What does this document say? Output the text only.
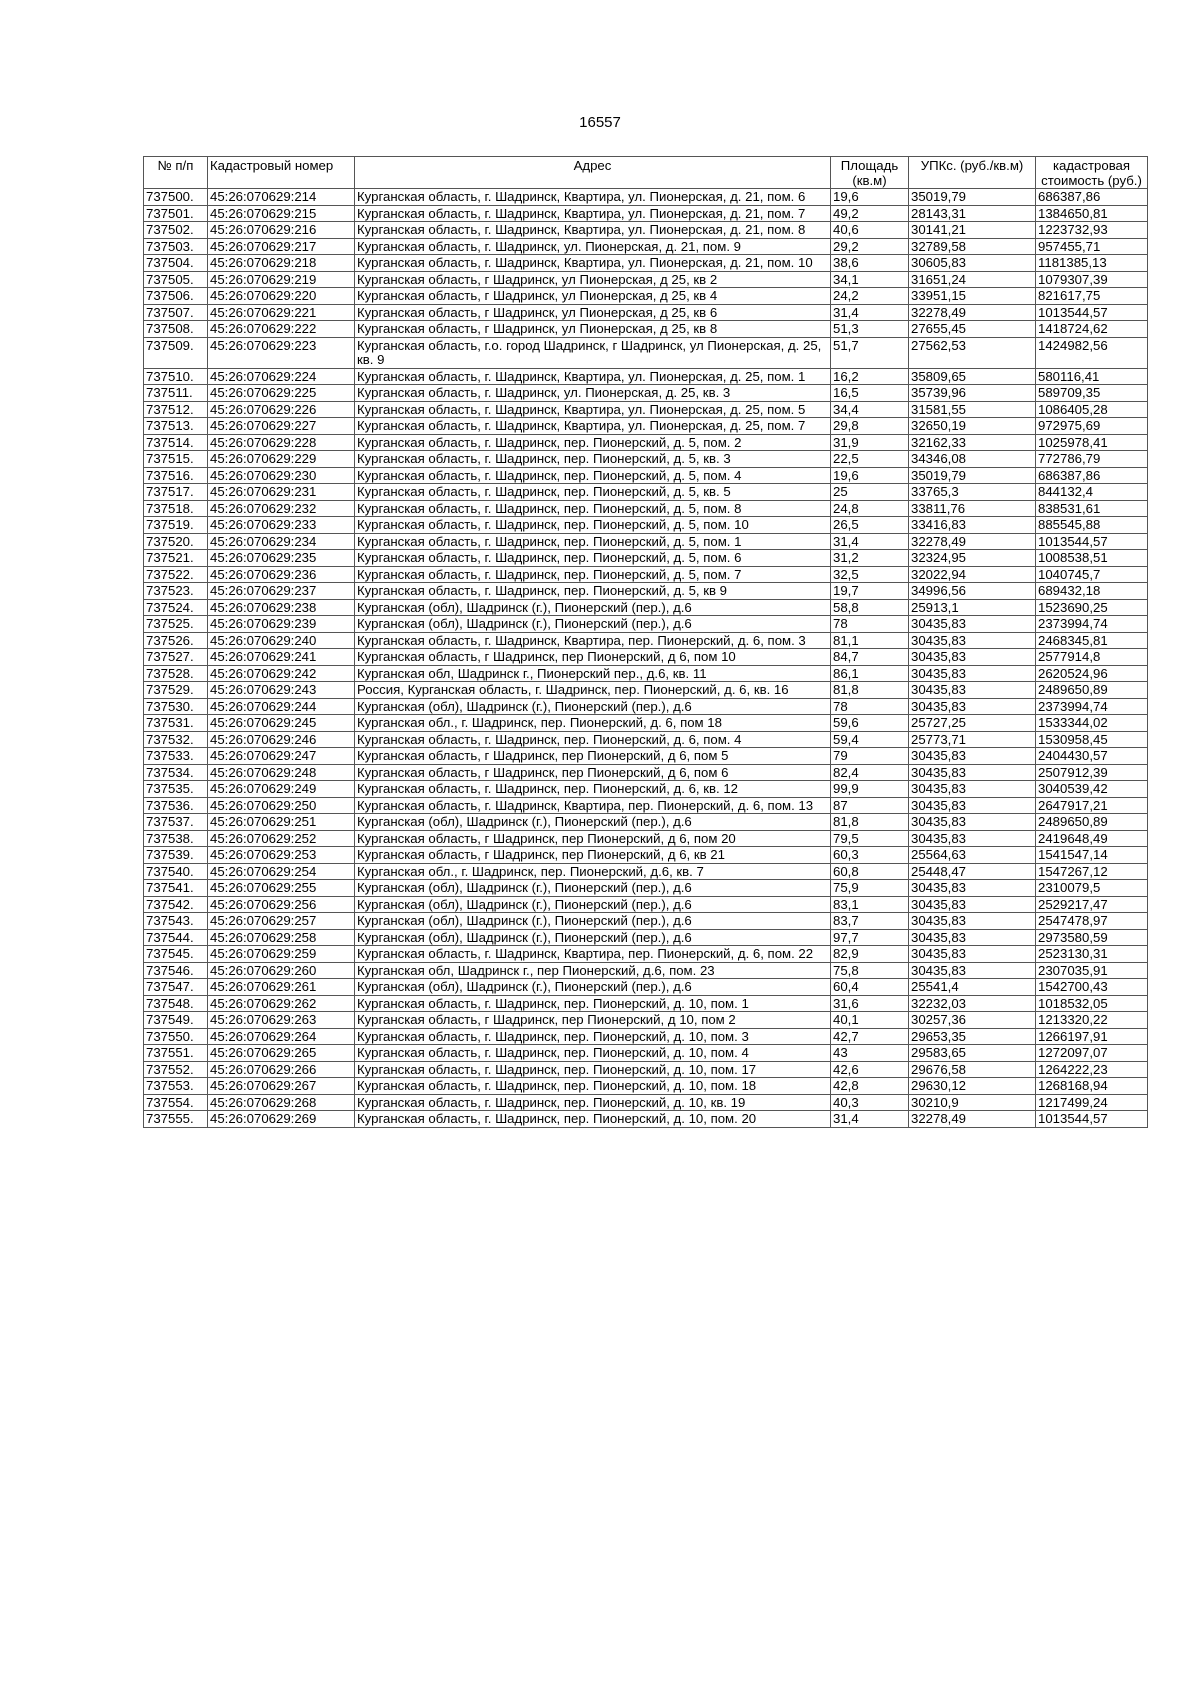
16557
№ п/п	Кадастровый номер	Адрес	Площадь (кв.м)	УПКс. (руб./кв.м)	кадастровая стоимость (руб.)
737500.	45:26:070629:214	Курганская область, г. Шадринск, Квартира, ул. Пионерская, д. 21, пом. 6	19,6	35019,79	686387,86
737501.	45:26:070629:215	Курганская область, г. Шадринск, Квартира, ул. Пионерская, д. 21, пом. 7	49,2	28143,31	1384650,81
737502.	45:26:070629:216	Курганская область, г. Шадринск, Квартира, ул. Пионерская, д. 21, пом. 8	40,6	30141,21	1223732,93
737503.	45:26:070629:217	Курганская область, г. Шадринск, ул. Пионерская, д. 21, пом. 9	29,2	32789,58	957455,71
737504.	45:26:070629:218	Курганская область, г. Шадринск, Квартира, ул. Пионерская, д. 21, пом. 10	38,6	30605,83	1181385,13
737505.	45:26:070629:219	Курганская область, г Шадринск, ул Пионерская, д 25, кв 2	34,1	31651,24	1079307,39
737506.	45:26:070629:220	Курганская область, г Шадринск, ул Пионерская, д 25, кв 4	24,2	33951,15	821617,75
737507.	45:26:070629:221	Курганская область, г Шадринск, ул Пионерская, д 25, кв 6	31,4	32278,49	1013544,57
737508.	45:26:070629:222	Курганская область, г Шадринск, ул Пионерская, д 25, кв 8	51,3	27655,45	1418724,62
737509.	45:26:070629:223	Курганская область, г.о. город Шадринск, г Шадринск, ул Пионерская, д. 25, кв. 9	51,7	27562,53	1424982,56
737510.	45:26:070629:224	Курганская область, г. Шадринск, Квартира, ул. Пионерская, д. 25, пом. 1	16,2	35809,65	580116,41
737511.	45:26:070629:225	Курганская область, г. Шадринск, ул. Пионерская, д. 25, кв. 3	16,5	35739,96	589709,35
737512.	45:26:070629:226	Курганская область, г. Шадринск, Квартира, ул. Пионерская, д. 25, пом. 5	34,4	31581,55	1086405,28
737513.	45:26:070629:227	Курганская область, г. Шадринск, Квартира, ул. Пионерская, д. 25, пом. 7	29,8	32650,19	972975,69
737514.	45:26:070629:228	Курганская область, г. Шадринск, пер. Пионерский, д. 5, пом. 2	31,9	32162,33	1025978,41
737515.	45:26:070629:229	Курганская область, г. Шадринск, пер. Пионерский, д. 5, кв. 3	22,5	34346,08	772786,79
737516.	45:26:070629:230	Курганская область, г. Шадринск, пер. Пионерский, д. 5, пом. 4	19,6	35019,79	686387,86
737517.	45:26:070629:231	Курганская область, г. Шадринск, пер. Пионерский, д. 5, кв. 5	25	33765,3	844132,4
737518.	45:26:070629:232	Курганская область, г. Шадринск, пер. Пионерский, д. 5, пом. 8	24,8	33811,76	838531,61
737519.	45:26:070629:233	Курганская область, г. Шадринск, пер. Пионерский, д. 5, пом. 10	26,5	33416,83	885545,88
737520.	45:26:070629:234	Курганская область, г. Шадринск, пер. Пионерский, д. 5, пом. 1	31,4	32278,49	1013544,57
737521.	45:26:070629:235	Курганская область, г. Шадринск, пер. Пионерский, д. 5, пом. 6	31,2	32324,95	1008538,51
737522.	45:26:070629:236	Курганская область, г. Шадринск, пер. Пионерский, д. 5, пом. 7	32,5	32022,94	1040745,7
737523.	45:26:070629:237	Курганская область, г. Шадринск, пер. Пионерский, д. 5, кв 9	19,7	34996,56	689432,18
737524.	45:26:070629:238	Курганская (обл), Шадринск (г.), Пионерский (пер.), д.6	58,8	25913,1	1523690,25
737525.	45:26:070629:239	Курганская (обл), Шадринск (г.), Пионерский (пер.), д.6	78	30435,83	2373994,74
737526.	45:26:070629:240	Курганская область, г. Шадринск, Квартира, пер. Пионерский, д. 6, пом. 3	81,1	30435,83	2468345,81
737527.	45:26:070629:241	Курганская область, г Шадринск, пер Пионерский, д 6, пом 10	84,7	30435,83	2577914,8
737528.	45:26:070629:242	Курганская обл, Шадринск г., Пионерский пер., д.6, кв. 11	86,1	30435,83	2620524,96
737529.	45:26:070629:243	Россия, Курганская область, г. Шадринск, пер. Пионерский, д. 6, кв. 16	81,8	30435,83	2489650,89
737530.	45:26:070629:244	Курганская (обл), Шадринск (г.), Пионерский (пер.), д.6	78	30435,83	2373994,74
737531.	45:26:070629:245	Курганская обл., г. Шадринск, пер. Пионерский, д. 6, пом 18	59,6	25727,25	1533344,02
737532.	45:26:070629:246	Курганская область, г. Шадринск, пер. Пионерский, д. 6, пом. 4	59,4	25773,71	1530958,45
737533.	45:26:070629:247	Курганская область, г Шадринск, пер Пионерский, д 6, пом 5	79	30435,83	2404430,57
737534.	45:26:070629:248	Курганская область, г Шадринск, пер Пионерский, д 6, пом 6	82,4	30435,83	2507912,39
737535.	45:26:070629:249	Курганская область, г. Шадринск, пер. Пионерский, д. 6, кв. 12	99,9	30435,83	3040539,42
737536.	45:26:070629:250	Курганская область, г. Шадринск, Квартира, пер. Пионерский, д. 6, пом. 13	87	30435,83	2647917,21
737537.	45:26:070629:251	Курганская (обл), Шадринск (г.), Пионерский (пер.), д.6	81,8	30435,83	2489650,89
737538.	45:26:070629:252	Курганская область, г Шадринск, пер Пионерский, д 6, пом 20	79,5	30435,83	2419648,49
737539.	45:26:070629:253	Курганская область, г Шадринск, пер Пионерский, д 6, кв 21	60,3	25564,63	1541547,14
737540.	45:26:070629:254	Курганская обл., г. Шадринск, пер. Пионерский, д.6, кв. 7	60,8	25448,47	1547267,12
737541.	45:26:070629:255	Курганская (обл), Шадринск (г.), Пионерский (пер.), д.6	75,9	30435,83	2310079,5
737542.	45:26:070629:256	Курганская (обл), Шадринск (г.), Пионерский (пер.), д.6	83,1	30435,83	2529217,47
737543.	45:26:070629:257	Курганская (обл), Шадринск (г.), Пионерский (пер.), д.6	83,7	30435,83	2547478,97
737544.	45:26:070629:258	Курганская (обл), Шадринск (г.), Пионерский (пер.), д.6	97,7	30435,83	2973580,59
737545.	45:26:070629:259	Курганская область, г. Шадринск, Квартира, пер. Пионерский, д. 6, пом. 22	82,9	30435,83	2523130,31
737546.	45:26:070629:260	Курганская обл, Шадринск г., пер Пионерский, д.6, пом. 23	75,8	30435,83	2307035,91
737547.	45:26:070629:261	Курганская (обл), Шадринск (г.), Пионерский (пер.), д.6	60,4	25541,4	1542700,43
737548.	45:26:070629:262	Курганская область, г. Шадринск, пер. Пионерский, д. 10, пом. 1	31,6	32232,03	1018532,05
737549.	45:26:070629:263	Курганская область, г Шадринск, пер Пионерский, д 10, пом 2	40,1	30257,36	1213320,22
737550.	45:26:070629:264	Курганская область, г. Шадринск, пер. Пионерский, д. 10, пом. 3	42,7	29653,35	1266197,91
737551.	45:26:070629:265	Курганская область, г. Шадринск, пер. Пионерский, д. 10, пом. 4	43	29583,65	1272097,07
737552.	45:26:070629:266	Курганская область, г. Шадринск, пер. Пионерский, д. 10, пом. 17	42,6	29676,58	1264222,23
737553.	45:26:070629:267	Курганская область, г. Шадринск, пер. Пионерский, д. 10, пом. 18	42,8	29630,12	1268168,94
737554.	45:26:070629:268	Курганская область, г. Шадринск, пер. Пионерский, д. 10, кв. 19	40,3	30210,9	1217499,24
737555.	45:26:070629:269	Курганская область, г. Шадринск, пер. Пионерский, д. 10, пом. 20	31,4	32278,49	1013544,57
